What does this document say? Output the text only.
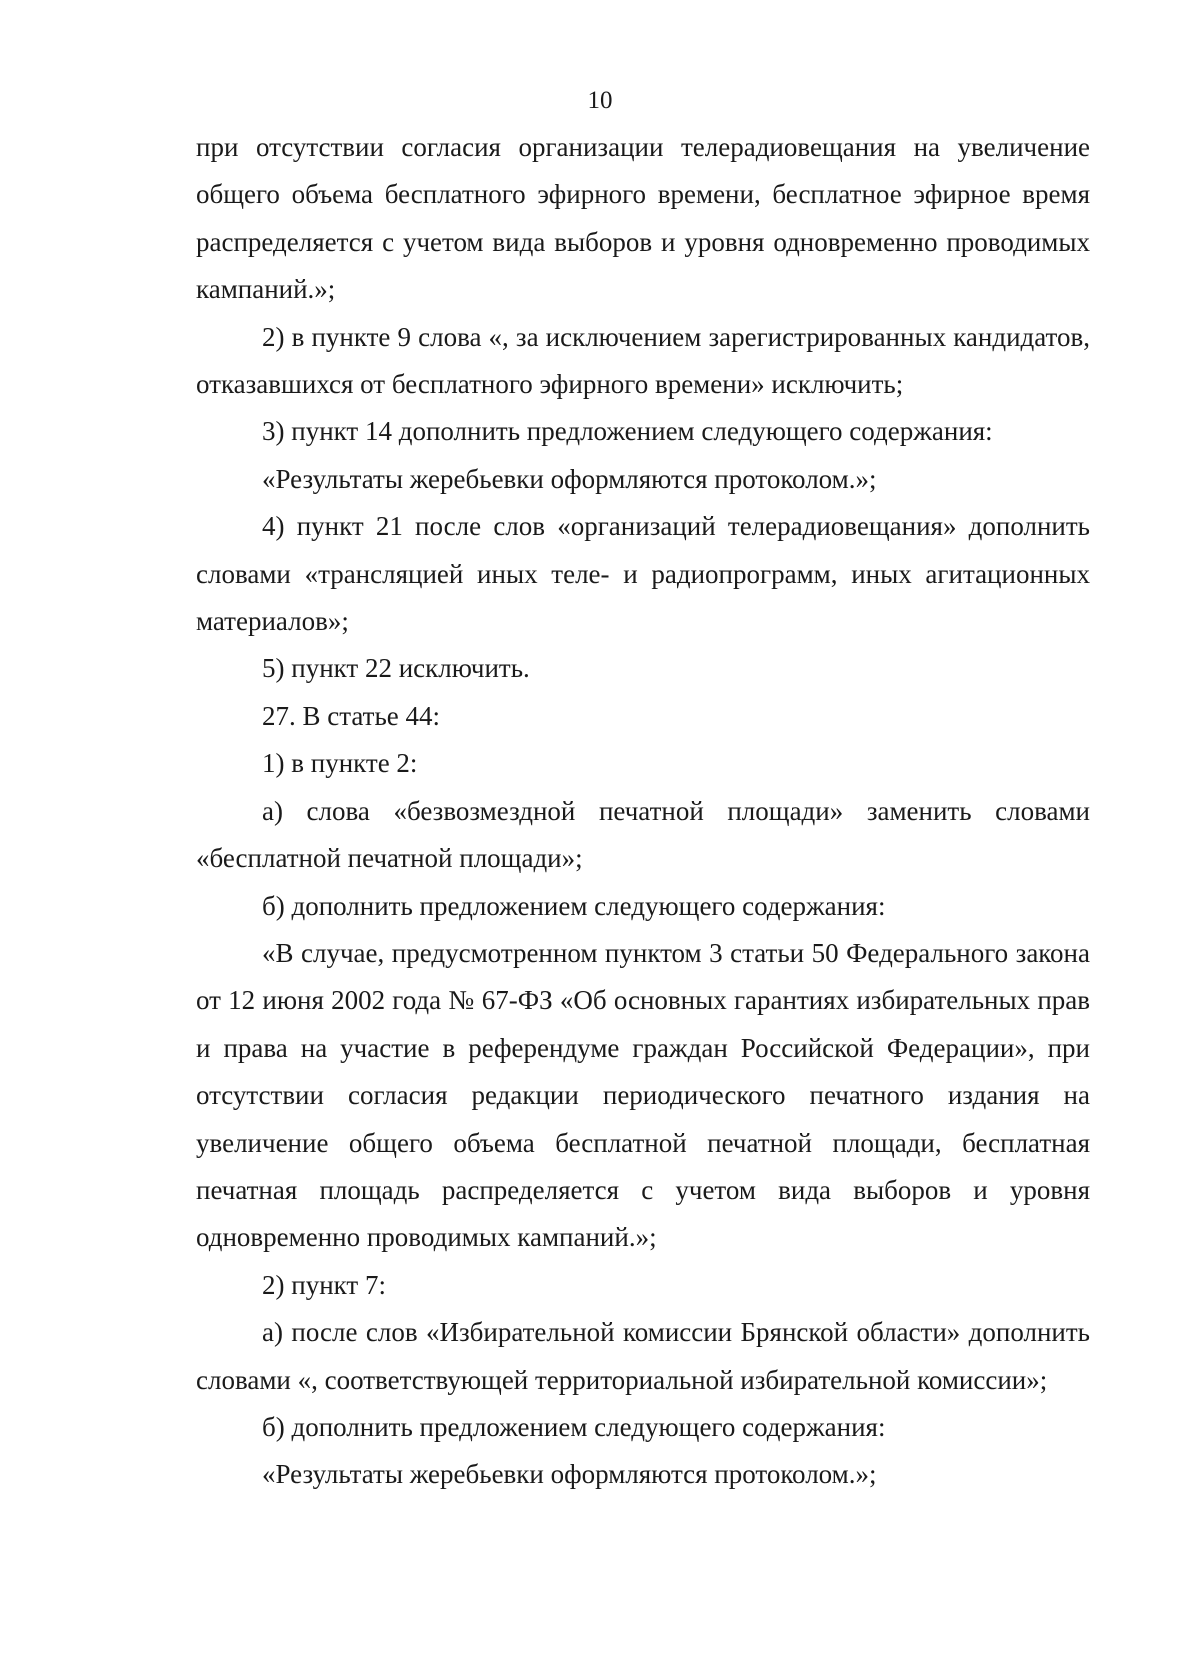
10

при отсутствии согласия организации телерадиовещания на увеличение общего объема бесплатного эфирного времени, бесплатное эфирное время распределяется с учетом вида выборов и уровня одновременно проводимых кампаний.»;

2) в пункте 9 слова «, за исключением зарегистрированных кандидатов, отказавшихся от бесплатного эфирного времени» исключить;

3) пункт 14 дополнить предложением следующего содержания:

«Результаты жеребьевки оформляются протоколом.»;

4) пункт 21 после слов «организаций телерадиовещания» дополнить словами «трансляцией иных теле- и радиопрограмм, иных агитационных материалов»;

5) пункт 22 исключить.

27. В статье 44:

1) в пункте 2:

а) слова «безвозмездной печатной площади» заменить словами «бесплатной печатной площади»;

б) дополнить предложением следующего содержания:

«В случае, предусмотренном пунктом 3 статьи 50 Федерального закона от 12 июня 2002 года № 67-ФЗ «Об основных гарантиях избирательных прав и права на участие в референдуме граждан Российской Федерации», при отсутствии согласия редакции периодического печатного издания на увеличение общего объема бесплатной печатной площади, бесплатная печатная площадь распределяется с учетом вида выборов и уровня одновременно проводимых кампаний.»;

2) пункт 7:

а) после слов «Избирательной комиссии Брянской области» дополнить словами «, соответствующей территориальной избирательной комиссии»;

б) дополнить предложением следующего содержания:

«Результаты жеребьевки оформляются протоколом.»;
